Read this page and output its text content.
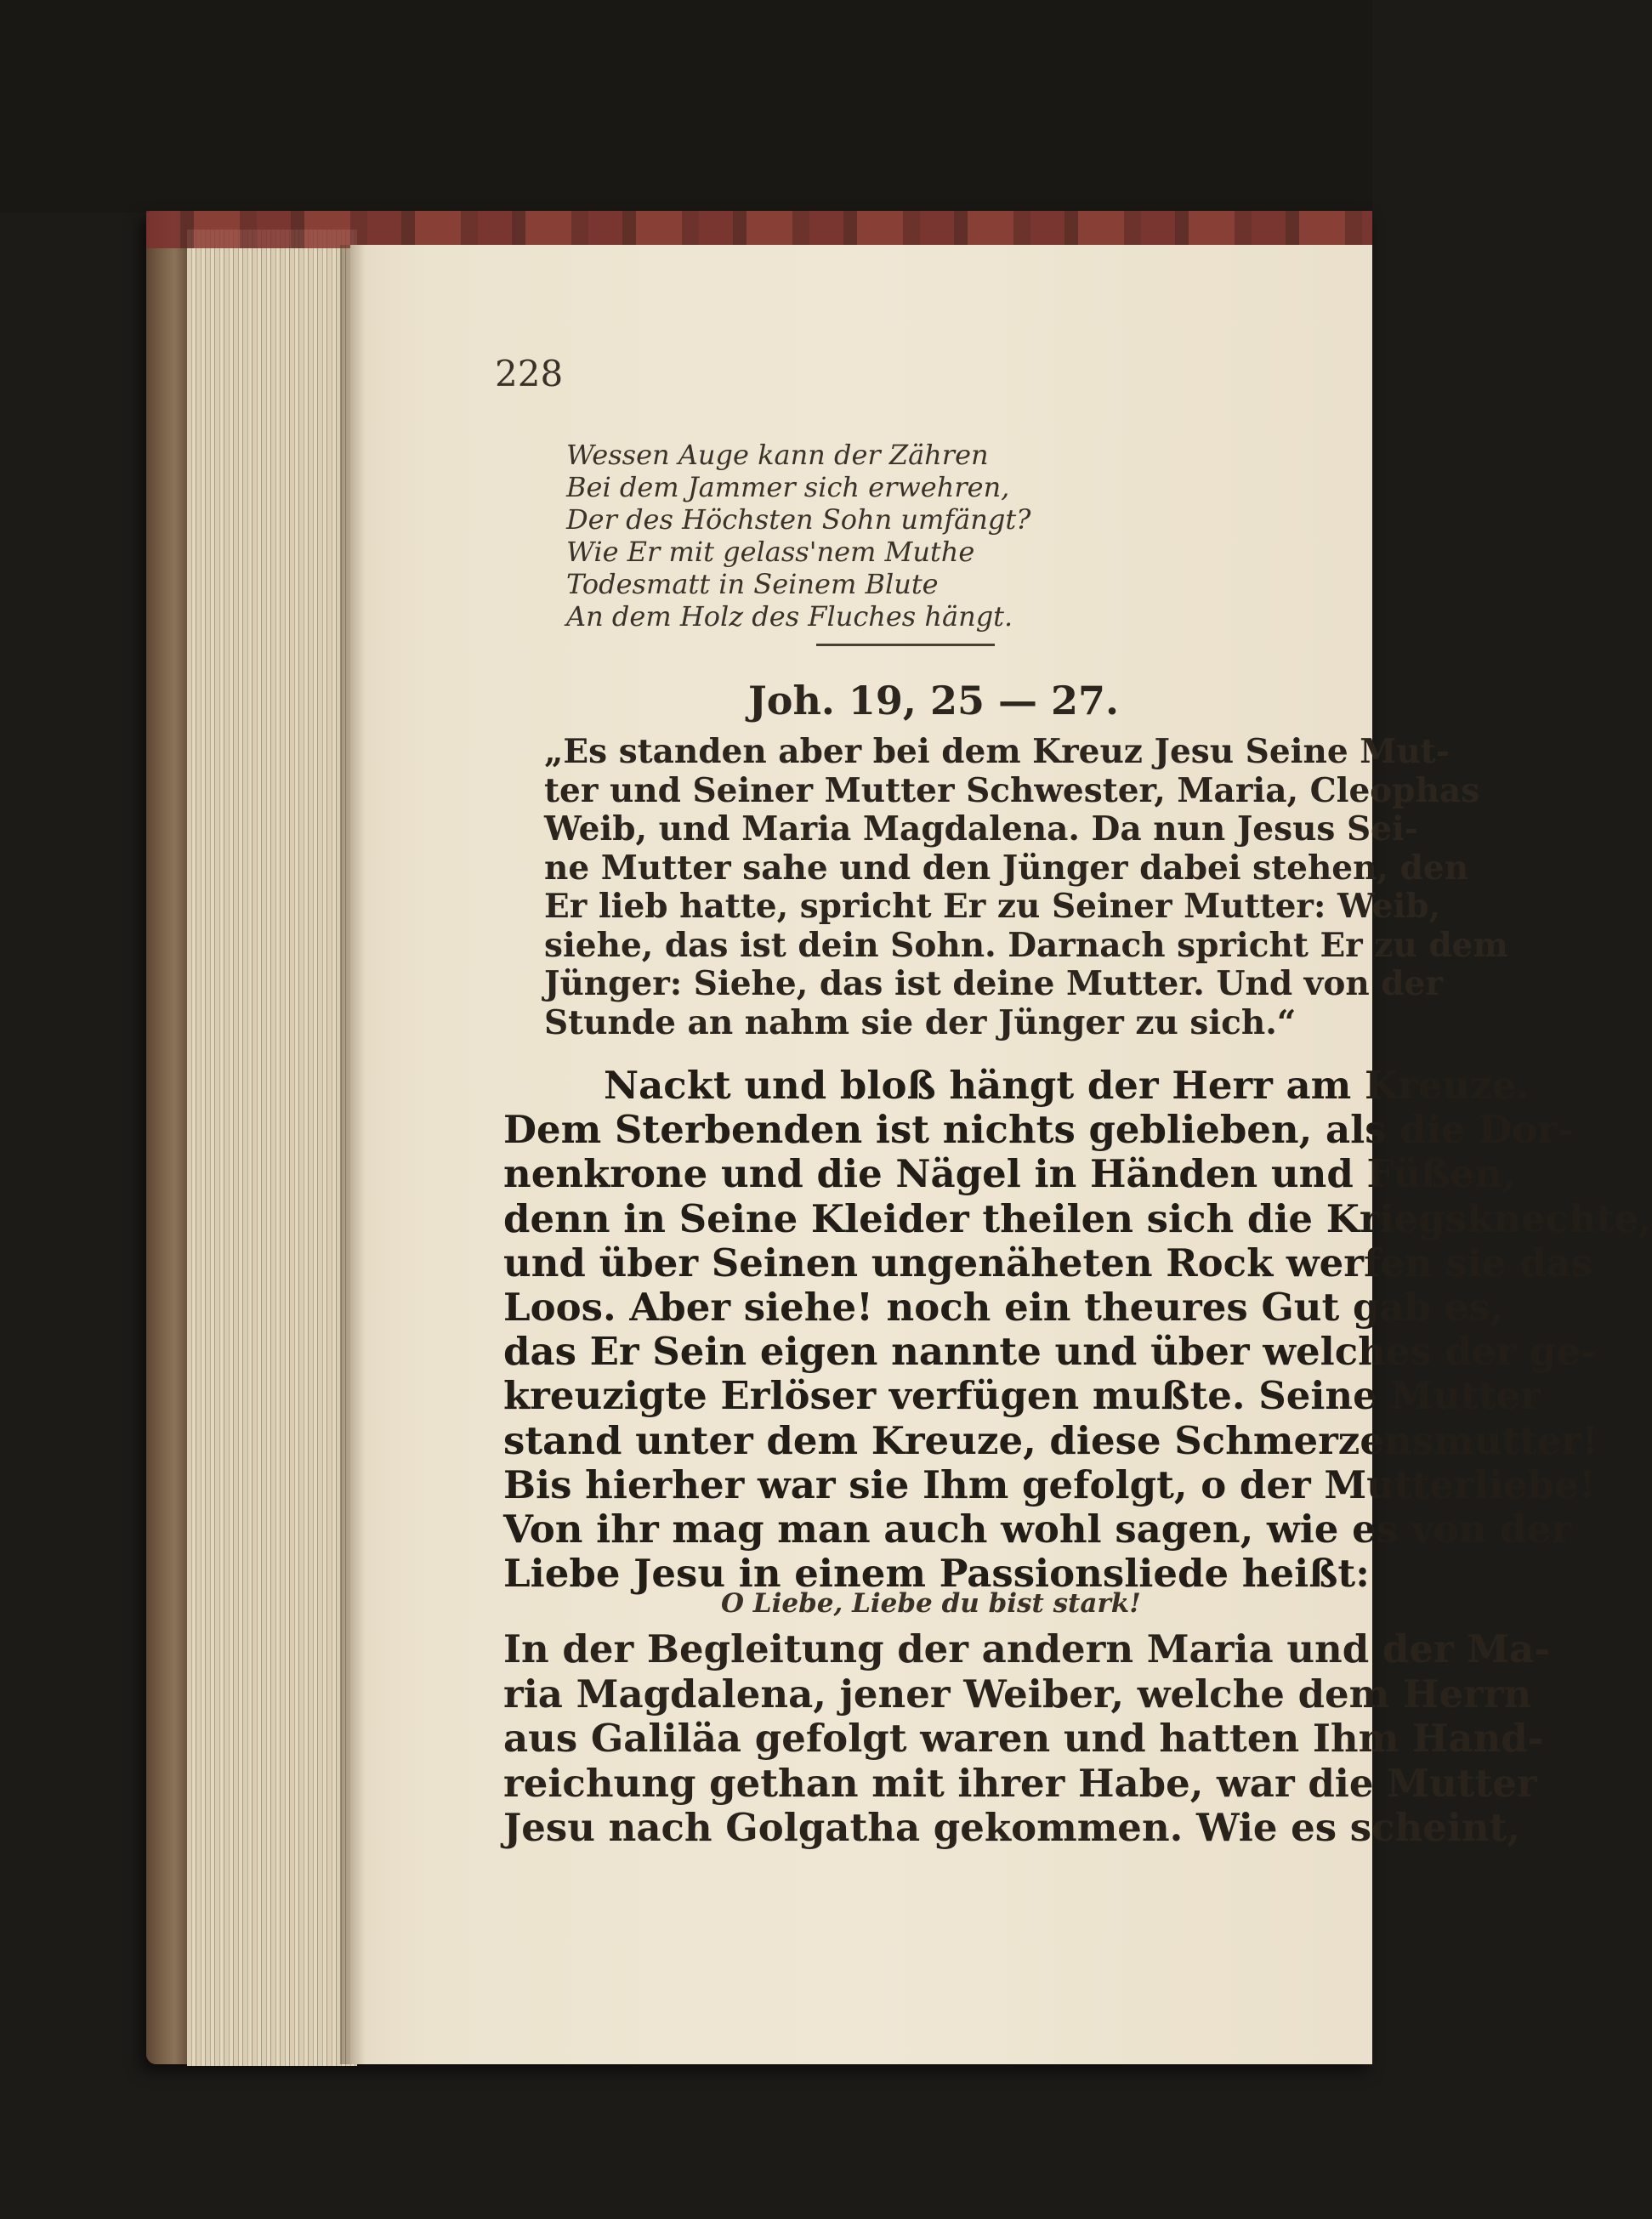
228
Wessen Auge kann der Zähren
Bei dem Jammer sich erwehren,
Der des Höchsten Sohn umfängt?
Wie Er mit gelass'nem Muthe
Todesmatt in Seinem Blute
An dem Holz des Fluches hängt.
Joh. 19, 25 — 27.
„Es standen aber bei dem Kreuz Jesu Seine Mut-
ter und Seiner Mutter Schwester, Maria, Cleophas
Weib, und Maria Magdalena. Da nun Jesus Sei-
ne Mutter sahe und den Jünger dabei stehen, den
Er lieb hatte, spricht Er zu Seiner Mutter: Weib,
siehe, das ist dein Sohn. Darnach spricht Er zu dem
Jünger: Siehe, das ist deine Mutter. Und von der
Stunde an nahm sie der Jünger zu sich.“
Nackt und bloß hängt der Herr am Kreuze.
Dem Sterbenden ist nichts geblieben, als die Dor-
nenkrone und die Nägel in Händen und Füßen,
denn in Seine Kleider theilen sich die Kriegsknechte,
und über Seinen ungenäheten Rock werfen sie das
Loos. Aber siehe! noch ein theures Gut gab es,
das Er Sein eigen nannte und über welches der ge-
kreuzigte Erlöser verfügen mußte. Seine Mutter
stand unter dem Kreuze, diese Schmerzensmutter!
Bis hierher war sie Ihm gefolgt, o der Mutterliebe!
Von ihr mag man auch wohl sagen, wie es von der
Liebe Jesu in einem Passionsliede heißt:
O Liebe, Liebe du bist stark!
In der Begleitung der andern Maria und der Ma-
ria Magdalena, jener Weiber, welche dem Herrn
aus Galiläa gefolgt waren und hatten Ihm Hand-
reichung gethan mit ihrer Habe, war die Mutter
Jesu nach Golgatha gekommen. Wie es scheint,
